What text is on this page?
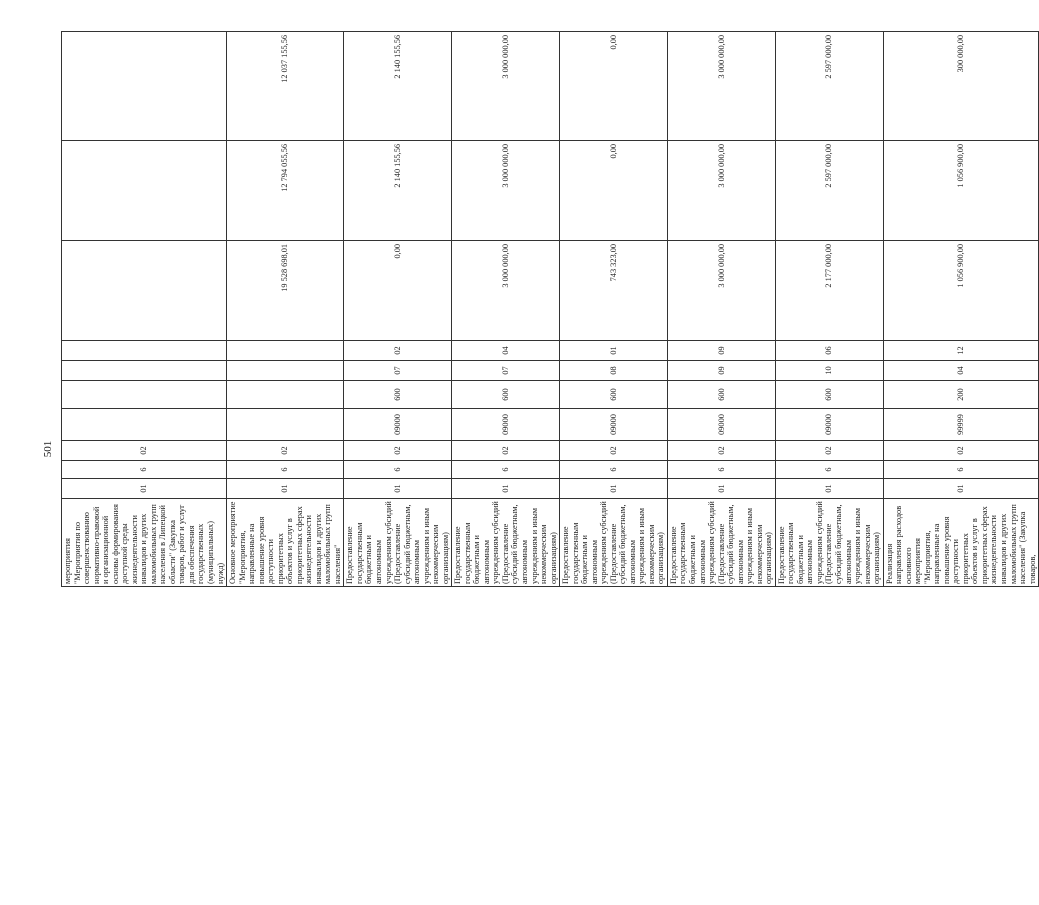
501
мероприятия "Мероприятия по совершенствованию нормативно-правовой и организационной основы формирования доступной среды жизнедеятельности инвалидов и других маломобильных групп населения в Липецкой области" (Закупка товаров, работ и услуг для обеспечения государственных (муниципальных) нужд)	01	6	02							
Основное мероприятие "Мероприятия, направленные на повышение уровня доступности приоритетных объектов и услуг в приоритетных сферах жизнедеятельности инвалидов и других маломобильных групп населения"	01	6	02					19 528 698,01	12 794 055,56	12 037 155,56
Предоставление государственным бюджетным и автономным учреждениям субсидий (Предоставление субсидий бюджетным, автономным учреждениям и иным некоммерческим организациям)	01	6	02	09000	600	07	02	0,00	2 140 155,56	2 140 155,56
Предоставление государственным бюджетным и автономным учреждениям субсидий (Предоставление субсидий бюджетным, автономным учреждениям и иным некоммерческим организациям)	01	6	02	09000	600	07	04	3 000 000,00	3 000 000,00	3 000 000,00
Предоставление государственным бюджетным и автономным учреждениям субсидий (Предоставление субсидий бюджетным, автономным учреждениям и иным некоммерческим организациям)	01	6	02	09000	600	08	01	743 323,00	0,00	0,00
Предоставление государственным бюджетным и автономным учреждениям субсидий (Предоставление субсидий бюджетным, автономным учреждениям и иным некоммерческим организациям)	01	6	02	09000	600	09	09	3 000 000,00	3 000 000,00	3 000 000,00
Предоставление государственным бюджетным и автономным учреждениям субсидий (Предоставление субсидий бюджетным, автономным учреждениям и иным некоммерческим организациям)	01	6	02	09000	600	10	06	2 177 000,00	2 597 000,00	2 597 000,00
Реализация направления расходов основного мероприятия "Мероприятия, направленные на повышение уровня доступности приоритетных объектов и услуг в приоритетных сферах жизнедеятельности инвалидов и других маломобильных групп населения" (Закупка товаров,	01	6	02	99999	200	04	12	1 056 900,00	1 056 900,00	300 000,00
